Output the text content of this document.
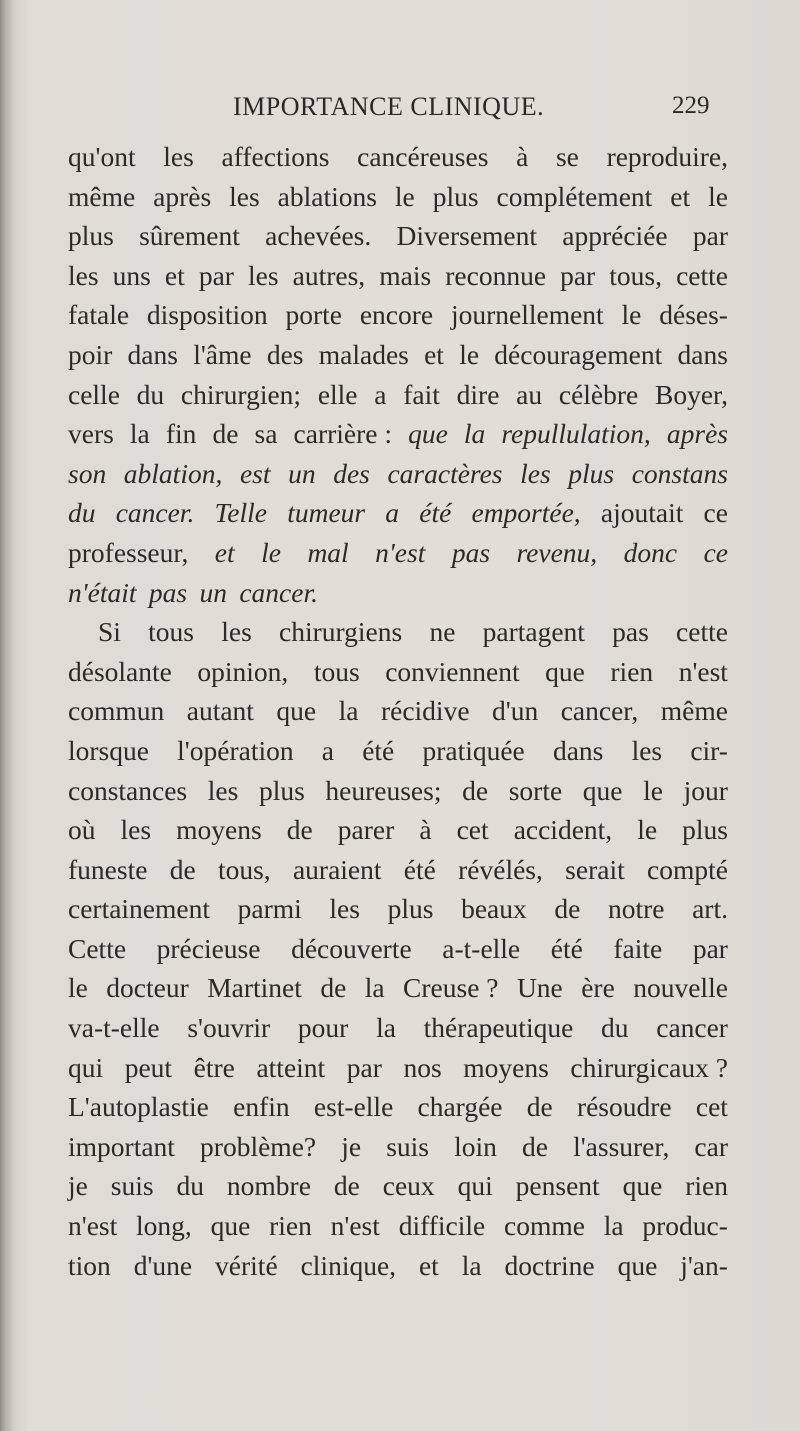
IMPORTANCE CLINIQUE.	229
qu'ont les affections cancéreuses à se reproduire,
même après les ablations le plus complétement et le
plus sûrement achevées. Diversement appréciée par
les uns et par les autres, mais reconnue par tous, cette
fatale disposition porte encore journellement le déses-
poir dans l'âme des malades et le découragement dans
celle du chirurgien; elle a fait dire au célèbre Boyer,
vers la fin de sa carrière : que la repullulation, après
son ablation, est un des caractères les plus constans
du cancer. Telle tumeur a été emportée, ajoutait ce
professeur, et le mal n'est pas revenu, donc ce
n'était pas un cancer.
Si tous les chirurgiens ne partagent pas cette
désolante opinion, tous conviennent que rien n'est
commun autant que la récidive d'un cancer, même
lorsque l'opération a été pratiquée dans les cir-
constances les plus heureuses; de sorte que le jour
où les moyens de parer à cet accident, le plus
funeste de tous, auraient été révélés, serait compté
certainement parmi les plus beaux de notre art.
Cette précieuse découverte a-t-elle été faite par
le docteur Martinet de la Creuse ? Une ère nouvelle
va-t-elle s'ouvrir pour la thérapeutique du cancer
qui peut être atteint par nos moyens chirurgicaux ?
L'autoplastie enfin est-elle chargée de résoudre cet
important problème? je suis loin de l'assurer, car
je suis du nombre de ceux qui pensent que rien
n'est long, que rien n'est difficile comme la produc-
tion d'une vérité clinique, et la doctrine que j'an-
